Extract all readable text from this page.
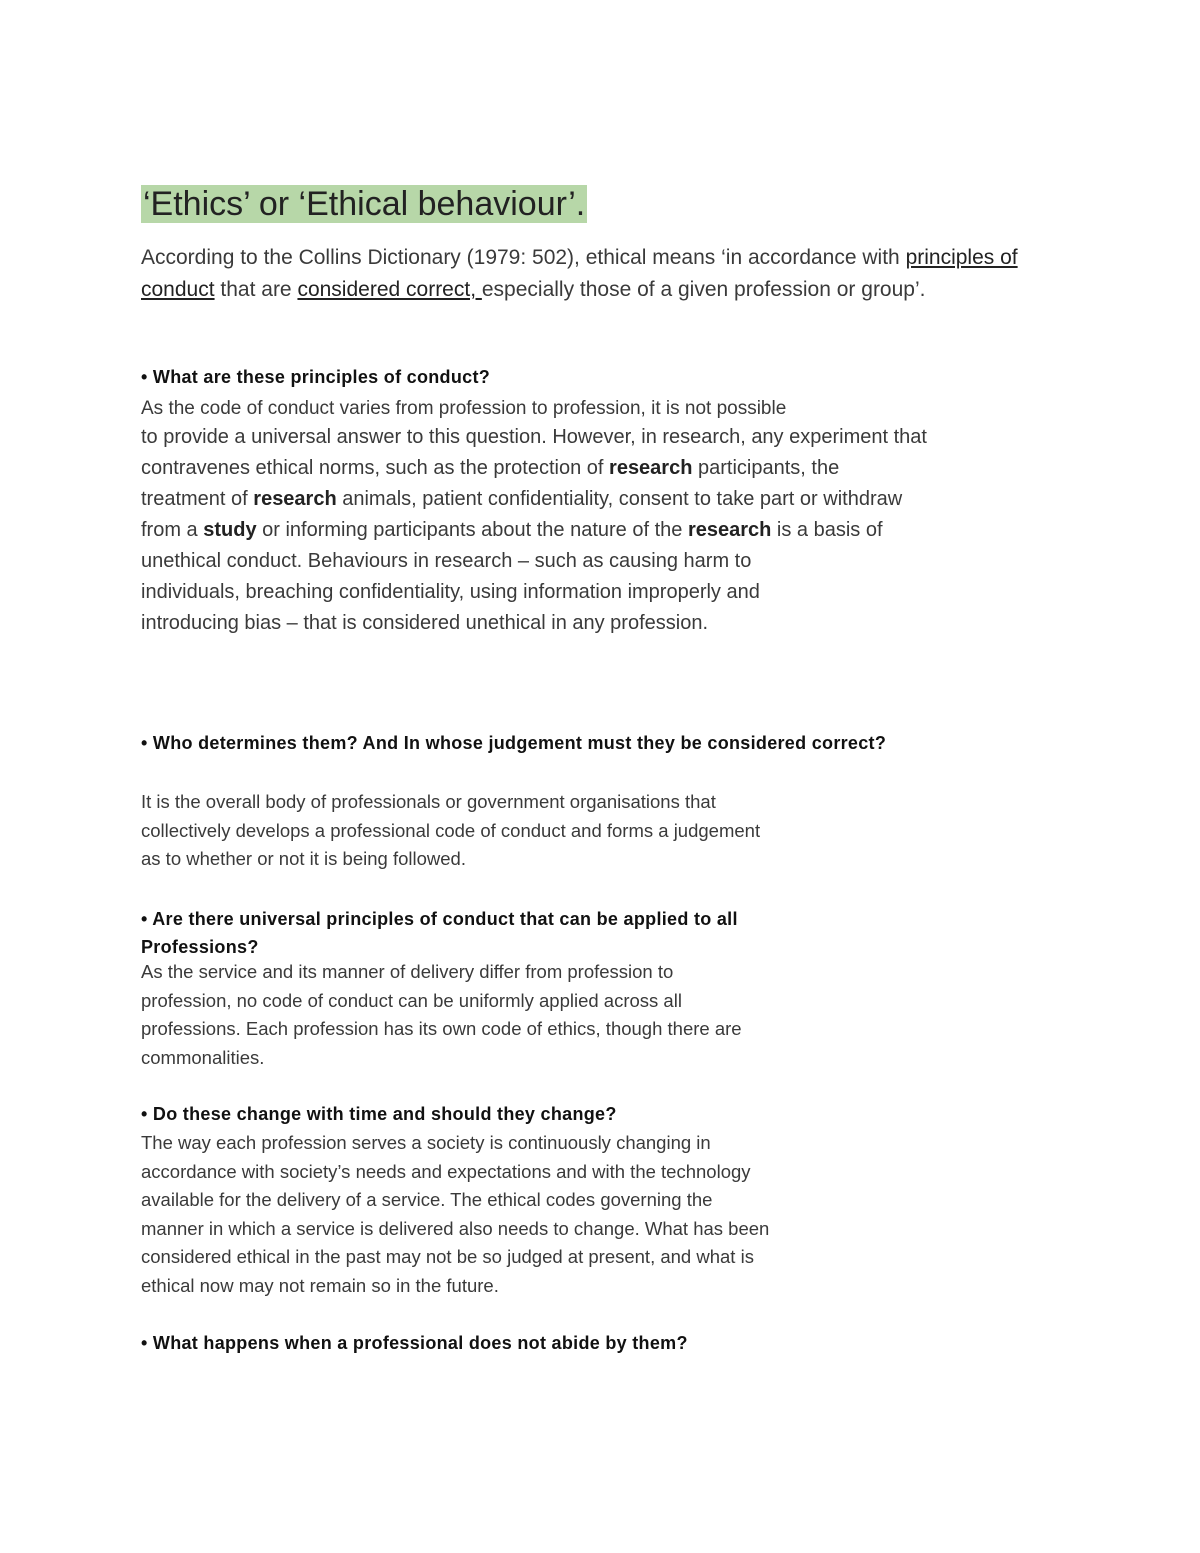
‘Ethics’ or ‘Ethical behaviour’.

According to the Collins Dictionary (1979: 502), ethical means ‘in accordance with principles of conduct that are considered correct, especially those of a given profession or group’.

• What are these principles of conduct?

As the code of conduct varies from profession to profession, it is not possible
to provide a universal answer to this question. However, in research, any experiment that
contravenes ethical norms, such as the protection of research participants, the
treatment of research animals, patient confidentiality, consent to take part or withdraw
from a study or informing participants about the nature of the research is a basis of
unethical conduct. Behaviours in research – such as causing harm to
individuals, breaching confidentiality, using information improperly and
introducing bias – that is considered unethical in any profession.

• Who determines them? And In whose judgement must they be considered correct?

It is the overall body of professionals or government organisations that
collectively develops a professional code of conduct and forms a judgement
as to whether or not it is being followed.

• Are there universal principles of conduct that can be applied to all
Professions?

As the service and its manner of delivery differ from profession to
profession, no code of conduct can be uniformly applied across all
professions. Each profession has its own code of ethics, though there are
commonalities.

• Do these change with time and should they change?

The way each profession serves a society is continuously changing in
accordance with society’s needs and expectations and with the technology
available for the delivery of a service. The ethical codes governing the
manner in which a service is delivered also needs to change. What has been
considered ethical in the past may not be so judged at present, and what is
ethical now may not remain so in the future.

• What happens when a professional does not abide by them?
